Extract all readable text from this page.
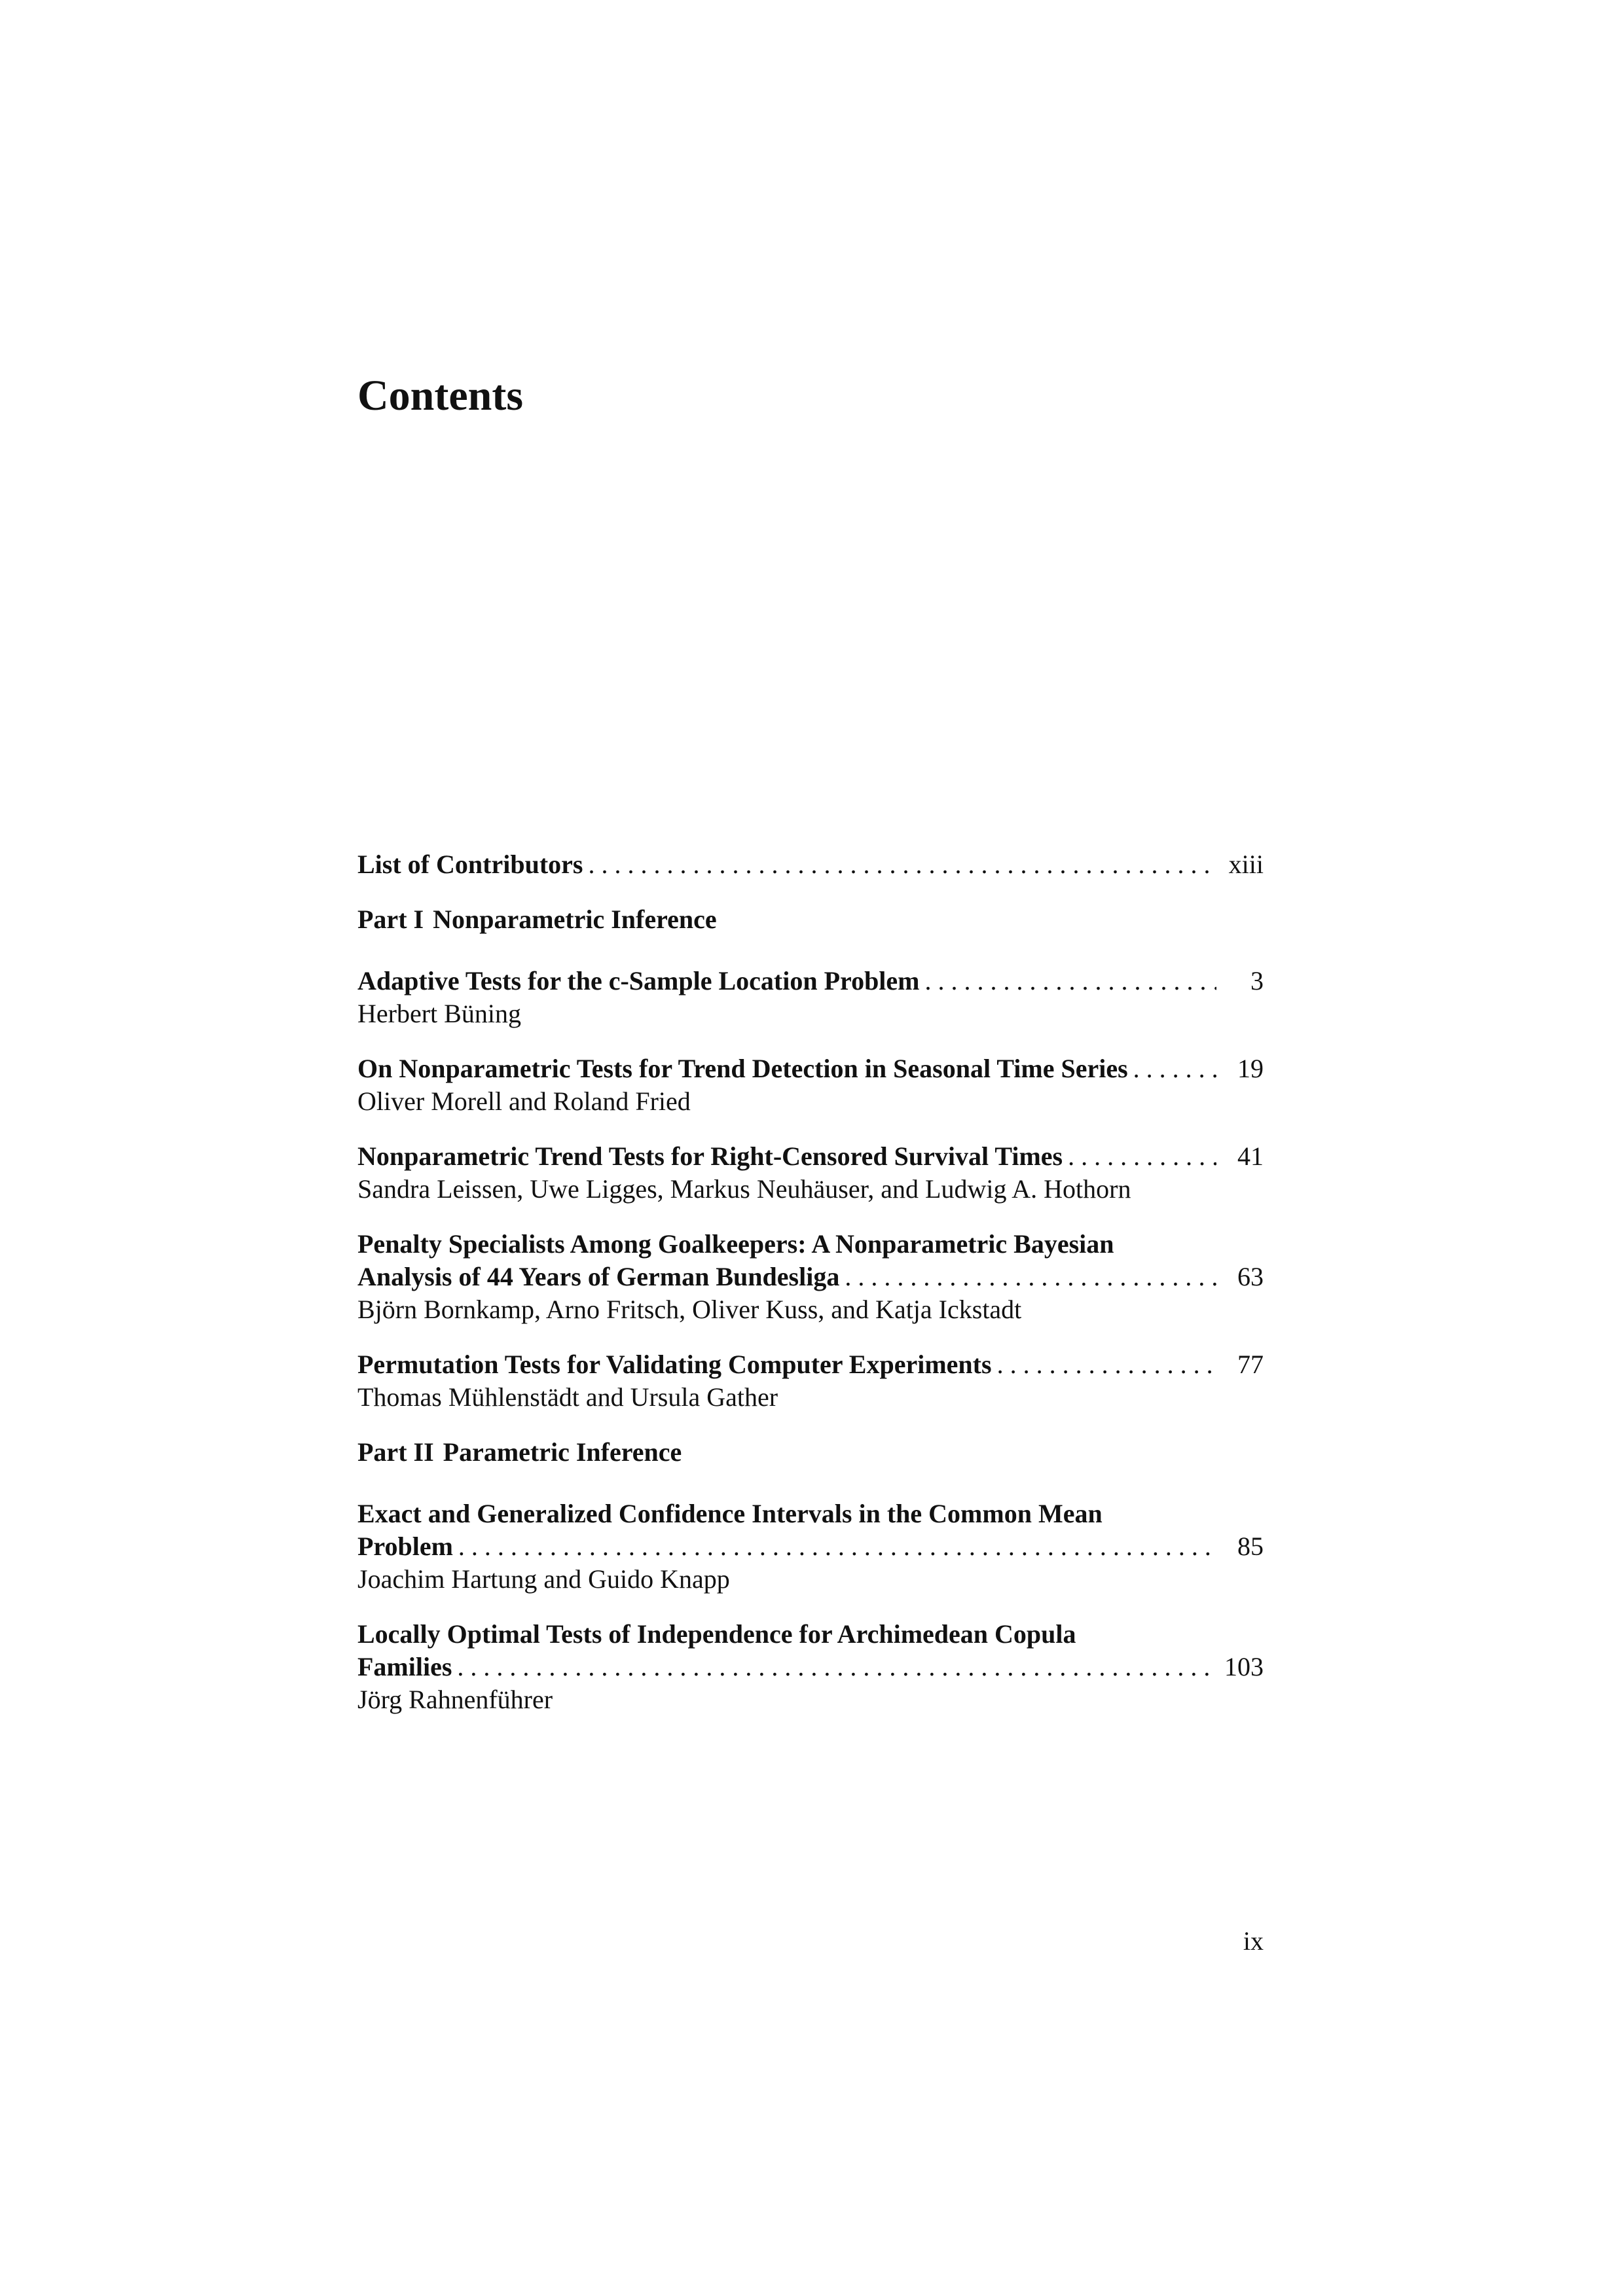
Contents
List of Contributors . . .	xiii
Part I Nonparametric Inference
Adaptive Tests for the c-Sample Location Problem . . .	3
Herbert Büning
On Nonparametric Tests for Trend Detection in Seasonal Time Series . . .	19
Oliver Morell and Roland Fried
Nonparametric Trend Tests for Right-Censored Survival Times . . .	41
Sandra Leissen, Uwe Ligges, Markus Neuhäuser, and Ludwig A. Hothorn
Penalty Specialists Among Goalkeepers: A Nonparametric Bayesian
Analysis of 44 Years of German Bundesliga . . .	63
Björn Bornkamp, Arno Fritsch, Oliver Kuss, and Katja Ickstadt
Permutation Tests for Validating Computer Experiments . . .	77
Thomas Mühlenstädt and Ursula Gather
Part II Parametric Inference
Exact and Generalized Confidence Intervals in the Common Mean
Problem . . .	85
Joachim Hartung and Guido Knapp
Locally Optimal Tests of Independence for Archimedean Copula
Families . . .	103
Jörg Rahnenführer
ix
